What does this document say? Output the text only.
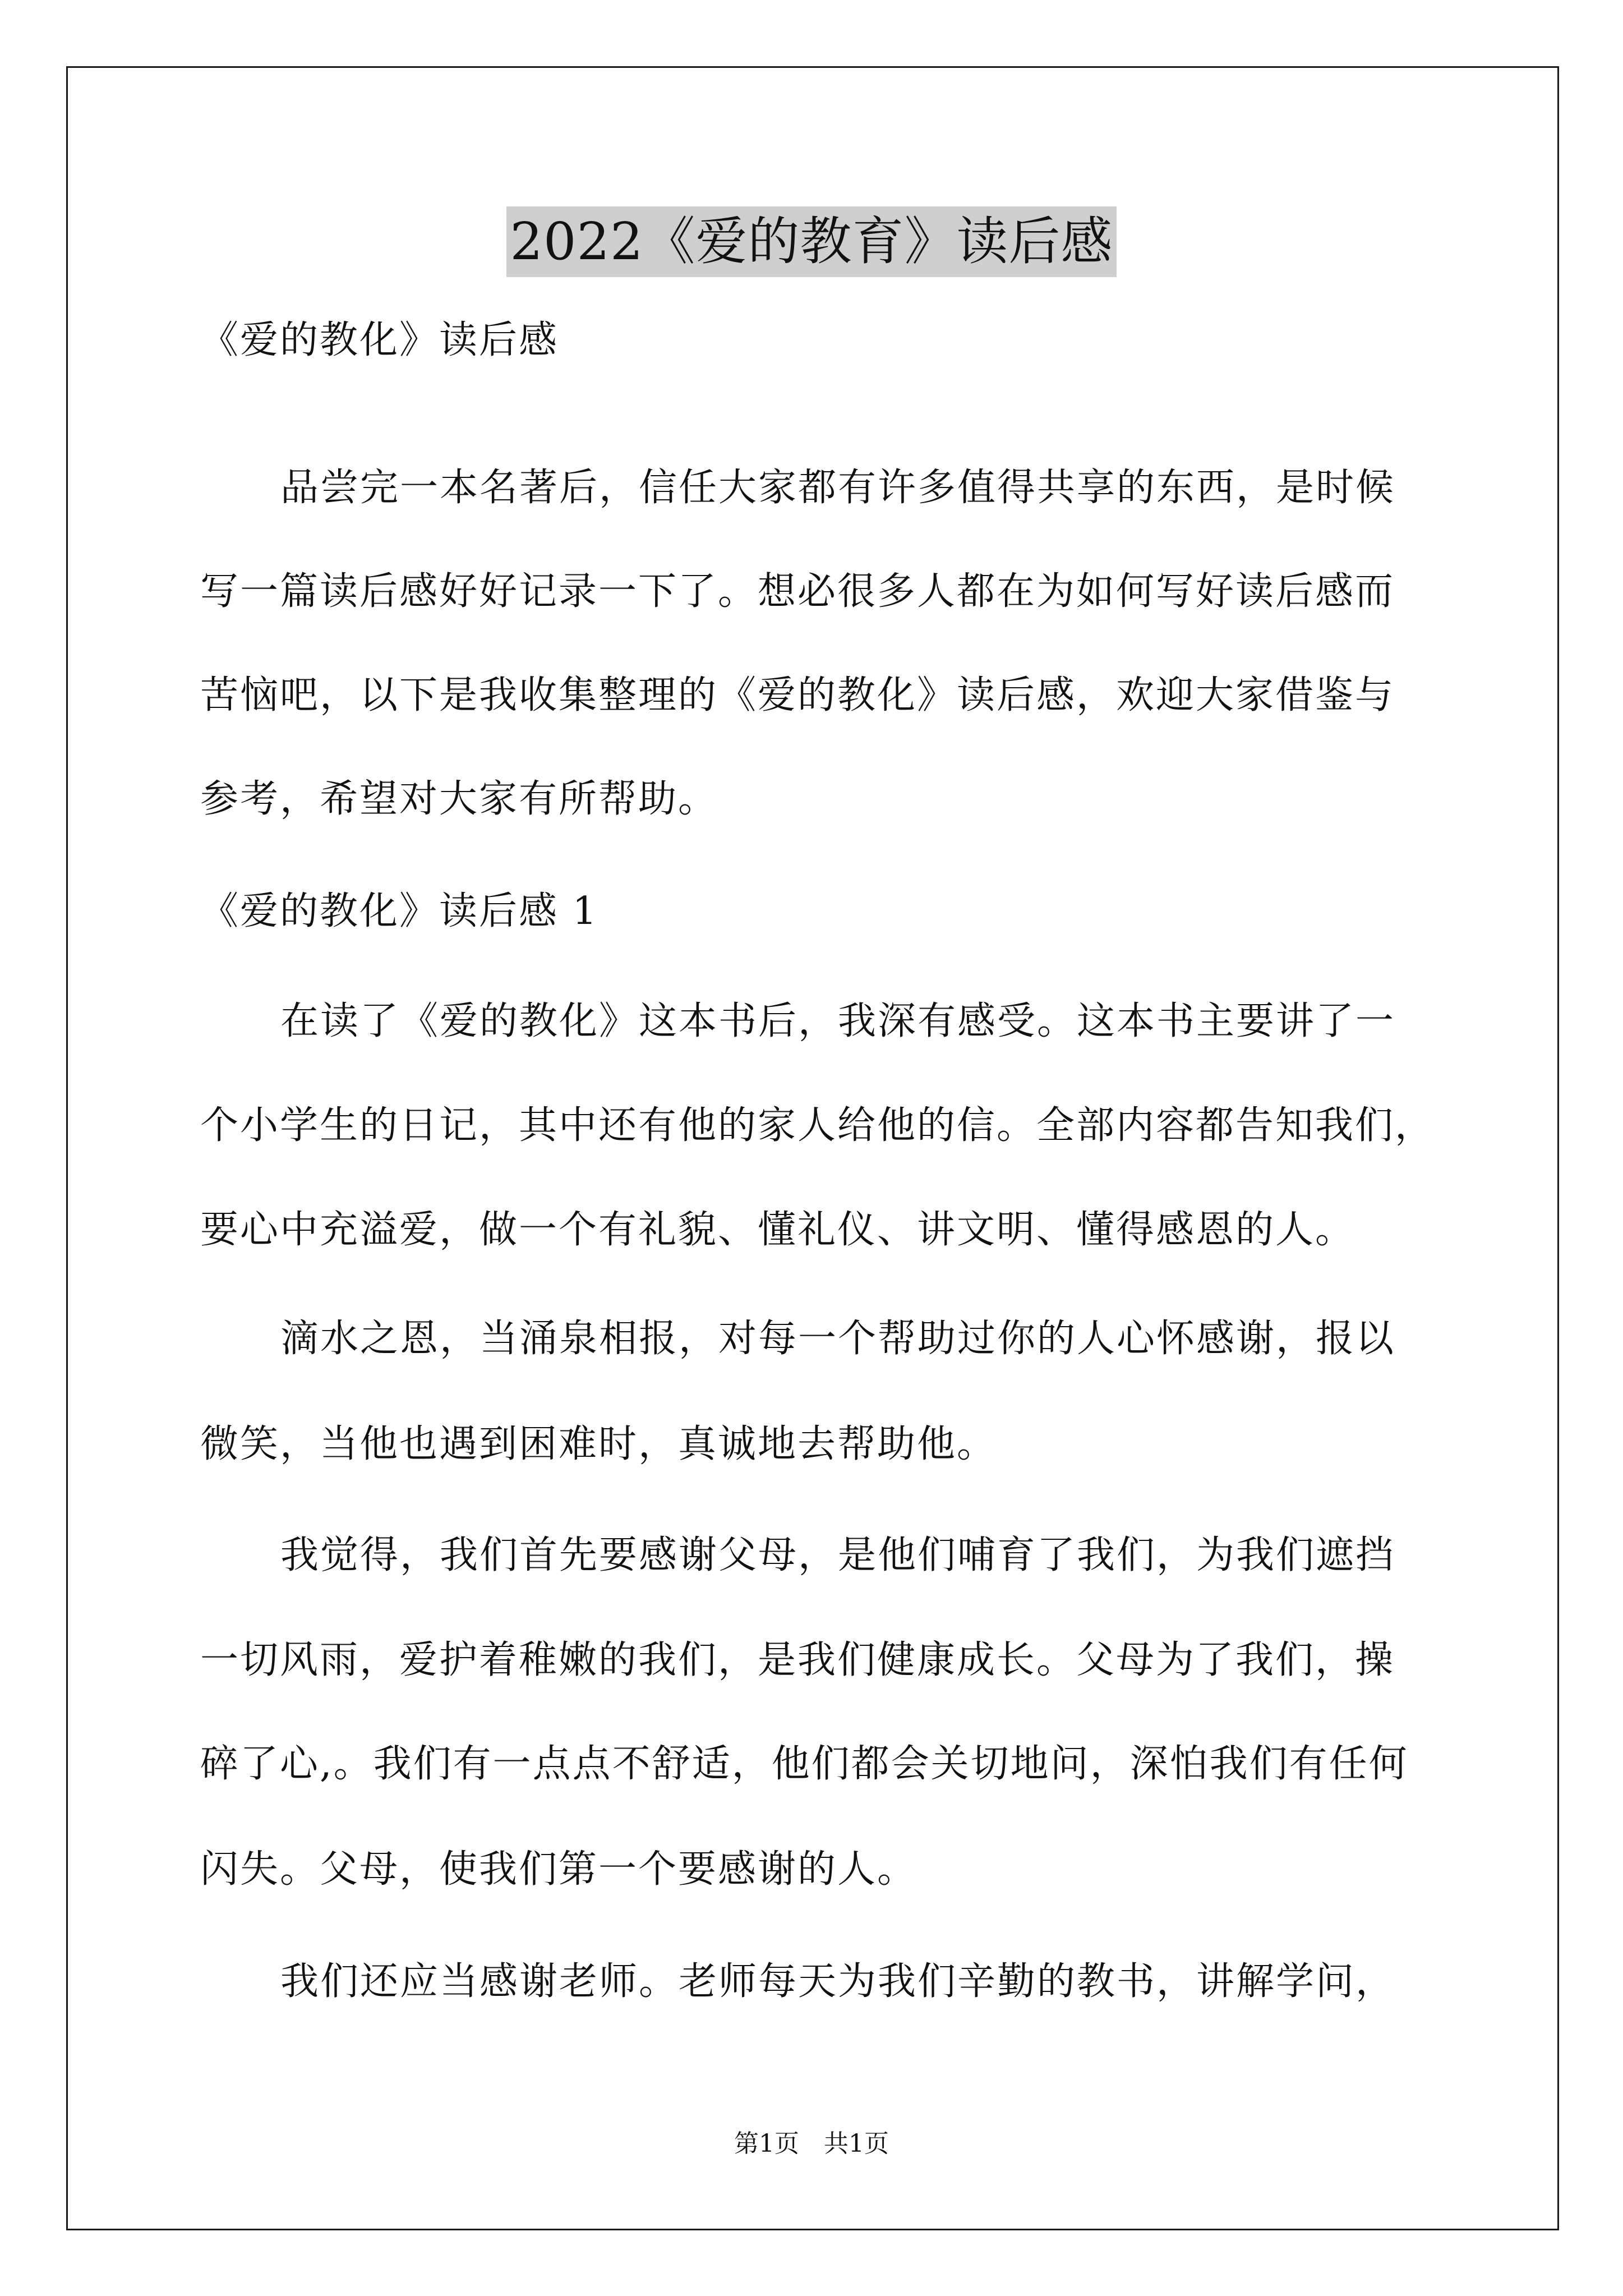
2022《爱的教育》读后感

《爱的教化》读后感

品尝完一本名著后，信任大家都有许多值得共享的东西，是时候

写一篇读后感好好记录一下了。想必很多人都在为如何写好读后感而

苦恼吧，以下是我收集整理的《爱的教化》读后感，欢迎大家借鉴与

参考，希望对大家有所帮助。

《爱的教化》读后感 1

在读了《爱的教化》这本书后，我深有感受。这本书主要讲了一

个小学生的日记，其中还有他的家人给他的信。全部内容都告知我们，

要心中充溢爱，做一个有礼貌、懂礼仪、讲文明、懂得感恩的人。

滴水之恩，当涌泉相报，对每一个帮助过你的人心怀感谢，报以

微笑，当他也遇到困难时，真诚地去帮助他。

我觉得，我们首先要感谢父母，是他们哺育了我们，为我们遮挡

一切风雨，爱护着稚嫩的我们，是我们健康成长。父母为了我们，操

碎了心,。我们有一点点不舒适，他们都会关切地问，深怕我们有任何

闪失。父母，使我们第一个要感谢的人。

我们还应当感谢老师。老师每天为我们辛勤的教书，讲解学问，

第1页　共1页
